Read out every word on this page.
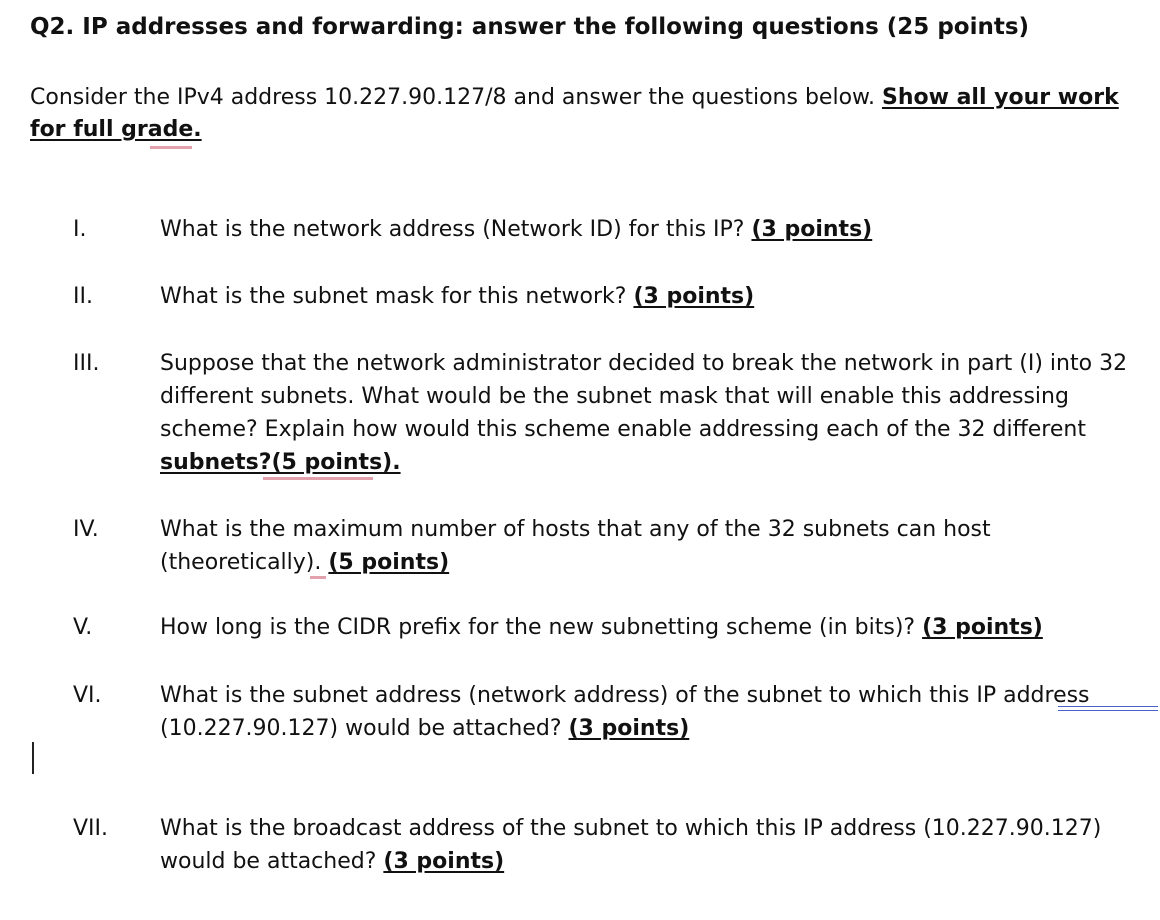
Q2. IP addresses and forwarding: answer the following questions (25 points)

Consider the IPv4 address 10.227.90.127/8 and answer the questions below. Show all your work for full grade.

I.	What is the network address (Network ID) for this IP? (3 points)
II.	What is the subnet mask for this network? (3 points)
III.	Suppose that the network administrator decided to break the network in part (I) into 32 different subnets. What would be the subnet mask that will enable this addressing scheme? Explain how would this scheme enable addressing each of the 32 different subnets?(5 points).
IV.	What is the maximum number of hosts that any of the 32 subnets can host (theoretically). (5 points)
V.	How long is the CIDR prefix for the new subnetting scheme (in bits)? (3 points)
VI.	What is the subnet address (network address) of the subnet to which this IP address (10.227.90.127) would be attached? (3 points)
VII. What is the broadcast address of the subnet to which this IP address (10.227.90.127) would be attached? (3 points)
